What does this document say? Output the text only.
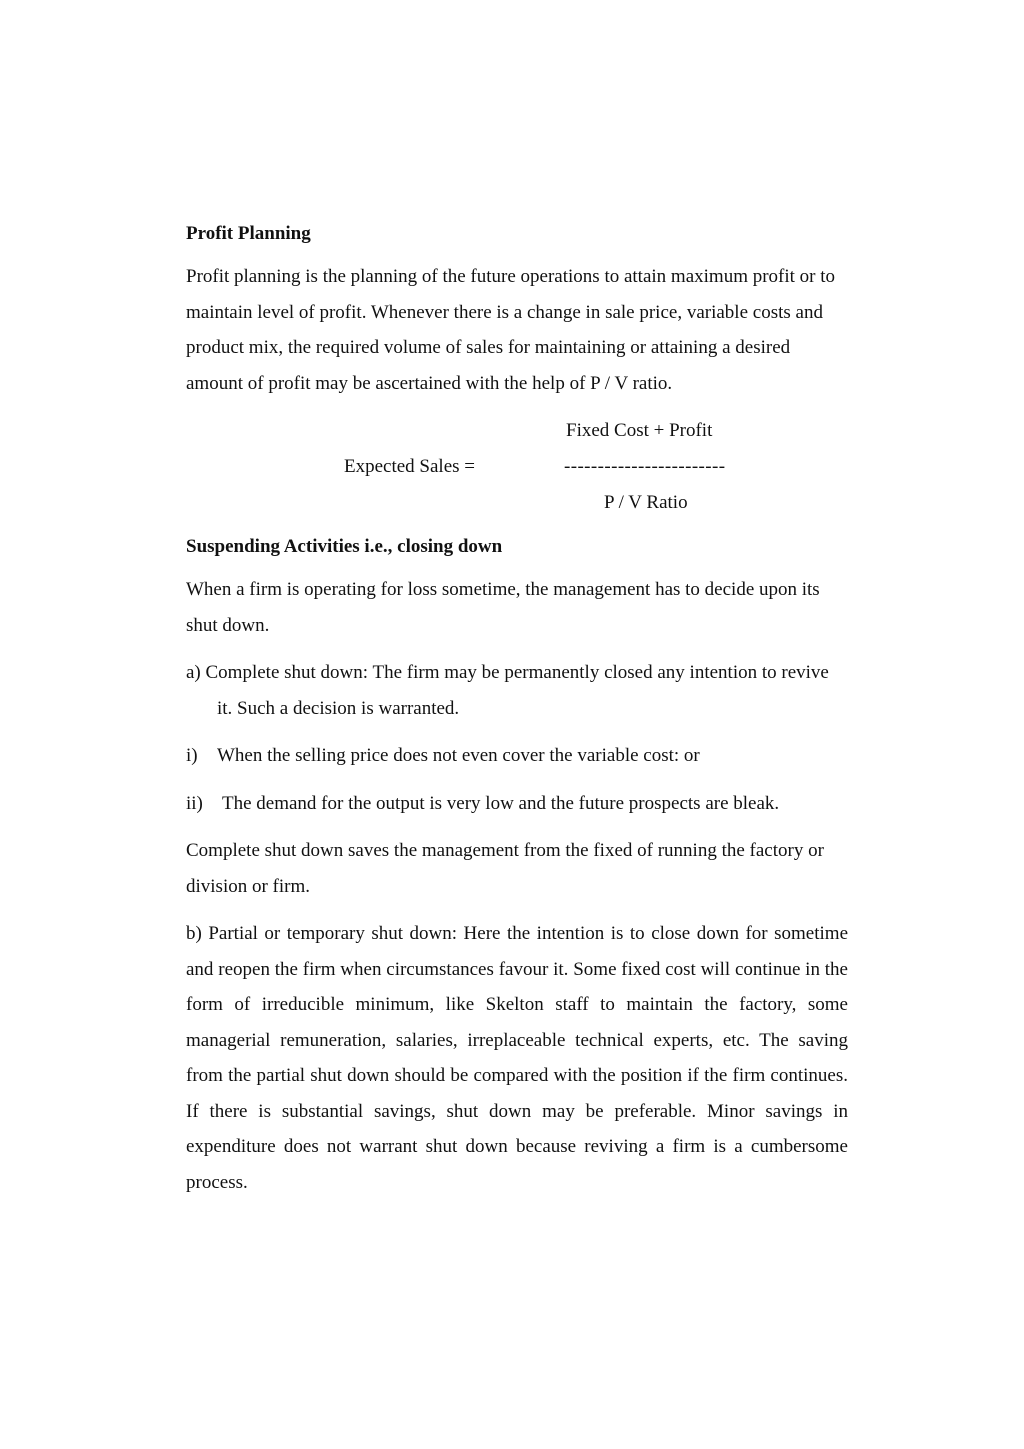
Profit Planning

Profit planning is the planning of the future operations to attain maximum profit or to maintain level of profit. Whenever there is a change in sale price, variable costs and product mix, the required volume of sales for maintaining or attaining a desired amount of profit may be ascertained with the help of P / V ratio.

Fixed Cost + Profit
Expected Sales =	------------------------
P / V Ratio

Suspending Activities i.e., closing down

When a firm is operating for loss sometime, the management has to decide upon its shut down.

a) Complete shut down: The firm may be permanently closed any intention to revive it. Such a decision is warranted.

i)	When the selling price does not even cover the variable cost: or
ii)	The demand for the output is very low and the future prospects are bleak.

Complete shut down saves the management from the fixed of running the factory or division or firm.

b) Partial or temporary shut down: Here the intention is to close down for sometime and reopen the firm when circumstances favour it. Some fixed cost will continue in the form of irreducible minimum, like Skelton staff to maintain the factory, some managerial remuneration, salaries, irreplaceable technical experts, etc. The saving from the partial shut down should be compared with the position if the firm continues. If there is substantial savings, shut down may be preferable. Minor savings in expenditure does not warrant shut down because reviving a firm is a cumbersome process.
